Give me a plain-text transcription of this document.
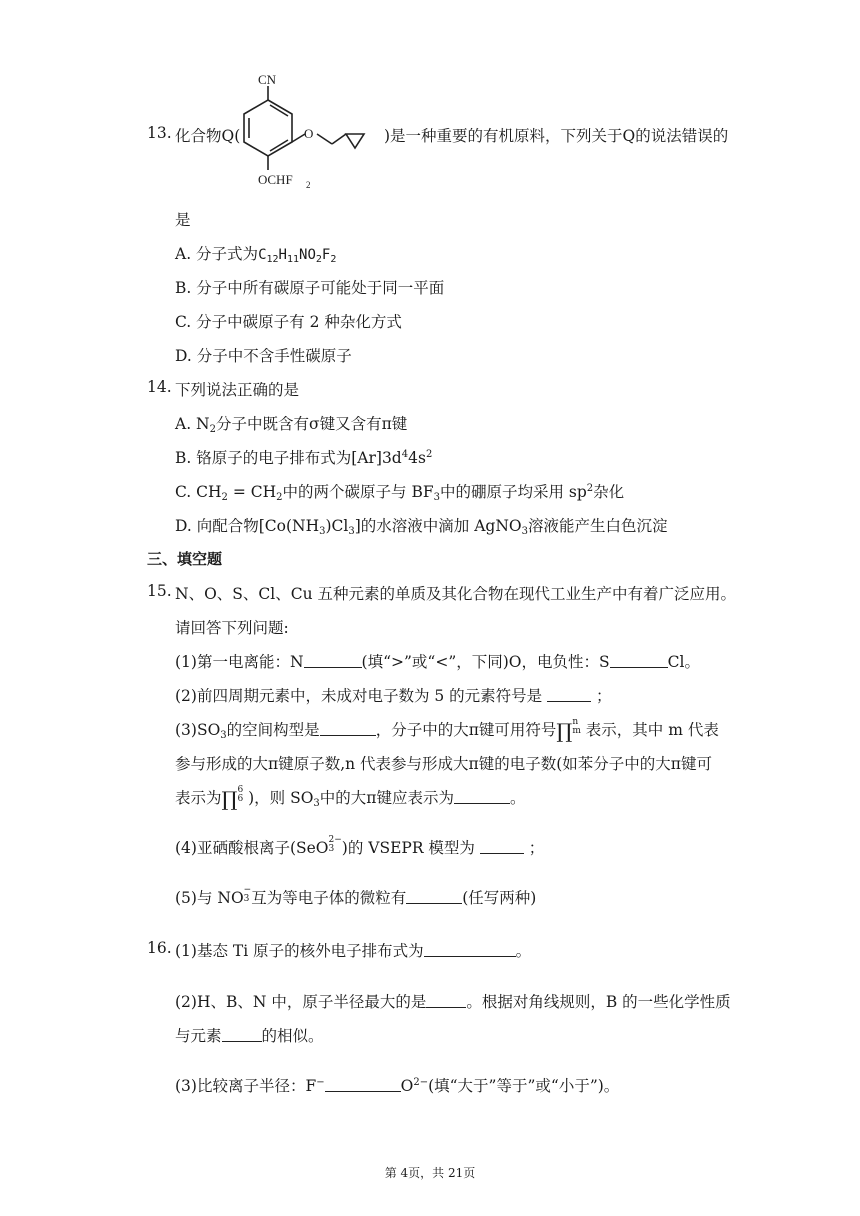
13. 化合物Q(
CN
O
OCHF 2
)是一种重要的有机原料，下列关于Q的说法错误的
是
A. 分子式为$C_{12}H_{11}NO_2F_2$
B. 分子中所有碳原子可能处于同一平面
C. 分子中碳原子有 2 种杂化方式
D. 分子中不含手性碳原子
14. 下列说法正确的是
A. $N_2$分子中既含有σ键又含有π键
B. 铬原子的电子排布式为$[Ar]3d^44s^2$
C. $CH_2 = CH_2$中的两个碳原子与 $BF_3$中的硼原子均采用 $sp^2$杂化
D. 向配合物$[Co(NH_3)Cl_3]$的水溶液中滴加 AgNO$_3$溶液能产生白色沉淀
三、填空题
15. N、O、S、Cl、Cu 五种元素的单质及其化合物在现代工业生产中有着广泛应用。
请回答下列问题:
(1)第一电离能：N	(填“>”或“<”，下同)O，电负性：S	Cl。
(2)前四周期元素中，未成对电子数为 5 的元素符号是	；
$(3)SO_3$的空间构型是	，分子中的大π键可用符号∏n
m 表示，其中 m 代表
参与形成的大π键原子数,n 代表参与形成大π键的电子数(如苯分子中的大π键可
表示为∏6
6 )，则 $SO_3$中的大π键应表示为	。
(4)亚硒酸根离子(SeO2−
3 )的 VSEPR 模型为	；
(5)与 NO−
3 互为等电子体的微粒有	(任写两种)
16. (1)基态 Ti 原子的核外电子排布式为	。
(2)H、B、N 中，原子半径最大的是	。根据对角线规则，B 的一些化学性质
与元素	的相似。
(3)比较离子半径：F−	$O^{2-}$(填“大于”等于”或“小于”)。
第 4页，共 21页
